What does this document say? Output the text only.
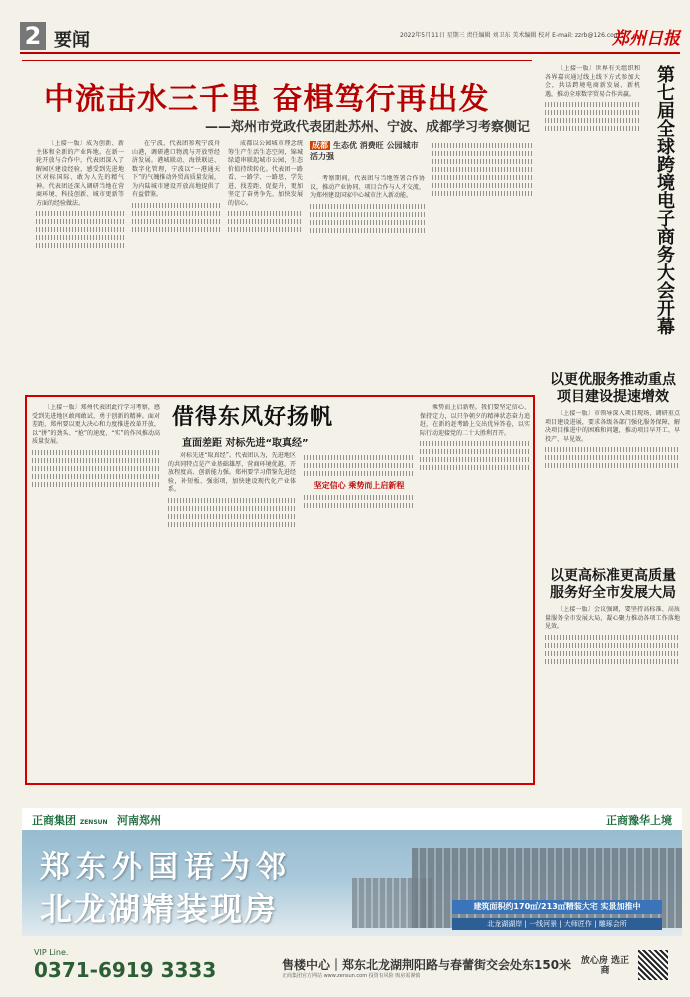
2 要闻	2022年5月11日 星期三 责任编辑 刘卫东 美术编辑 校对 E-mail: zzrb@126.com
郑州日报
中流击水三千里 奋楫笃行再出发
——郑州市党政代表团赴苏州、宁波、成都学习考察侧记

〔上接一版〕成为创新、新主体和全新的产业阵地。在新一轮开放与合作中，代表团深入了解园区建设经验，感受到先进地区对标国际、敢为人先的精气神。代表团还深入调研当地在营商环境、科技创新、城市更新等方面的经验做法。

在宁波，代表团参观宁波舟山港，调研港口物流与开放型经济发展。港城联动、海铁联运、数字化管理，宁波以“一港通天下”的气魄推动外贸高质量发展，为内陆城市建设开放高地提供了有益借鉴。

成都以公园城市理念统筹生产生活生态空间，锦城绿道串联起城市公园，生态价值持续转化。代表团一路看、一路学、一路思，学先进、找差距、促提升，更加坚定了奋勇争先、加快发展的信心。

成都 生态优 消费旺 公园城市活力强

考察期间，代表团与当地签署合作协议，推动产业协同、项目合作与人才交流，为郑州建设国家中心城市注入新动能。

〔上接一版〕世界有关组织和各界嘉宾通过线上线下方式参加大会，共话跨境电商新发展、新机遇，推动全球数字贸易合作共赢。	第七届全球跨境电子商务大会开幕
以更优服务推动重点项目建设提速增效

〔上接一版〕市领导深入项目现场，调研重点项目建设进展，要求各级各部门强化服务保障，解决项目推进中的困难和问题，推动项目早开工、早投产、早见效。

以更高标准更高质量服务好全市发展大局

〔上接一版〕会议强调，要坚持高标准、高质量服务全市发展大局，凝心聚力推动各项工作落地见效。

借得东风好扬帆
直面差距 对标先进“取真经”

〔上接一版〕郑州代表团此行学习考察，感受到先进地区敢闯敢试、勇于创新的精神。面对差距，郑州要以更大决心和力度推进改革开放，以“拼”的劲头、“抢”的速度、“实”的作风推动高质量发展。

对标先进“取真经”。代表团认为，先进地区的共同特点是产业基础雄厚、营商环境优越、开放程度高、创新能力强。郑州要学习借鉴先进经验，补短板、强弱项，加快建设现代化产业体系。	坚定信心 乘势而上启新程

乘势而上启新程。我们要坚定信心、保持定力，以只争朝夕的精神状态奋力追赶，在新的赶考路上交出优异答卷，以实际行动迎接党的二十大胜利召开。

正商集团 ZENSUN 河南郑州	正商豫华上境
郑东外国语为邻
北龙湖精装现房	建筑面积约170㎡/213㎡精装大宅 实景加推中
北龙湖湖岸 | 一线河景 | 大师匠作 | 雕琢会所
VIP Line.
0371-6919 3333	售楼中心｜郑东北龙湖荆阳路与春蕾街交会处东150米
正商集团官方网站 www.zensun.com 投资有风险 购房需谨慎
放心房 选正商
